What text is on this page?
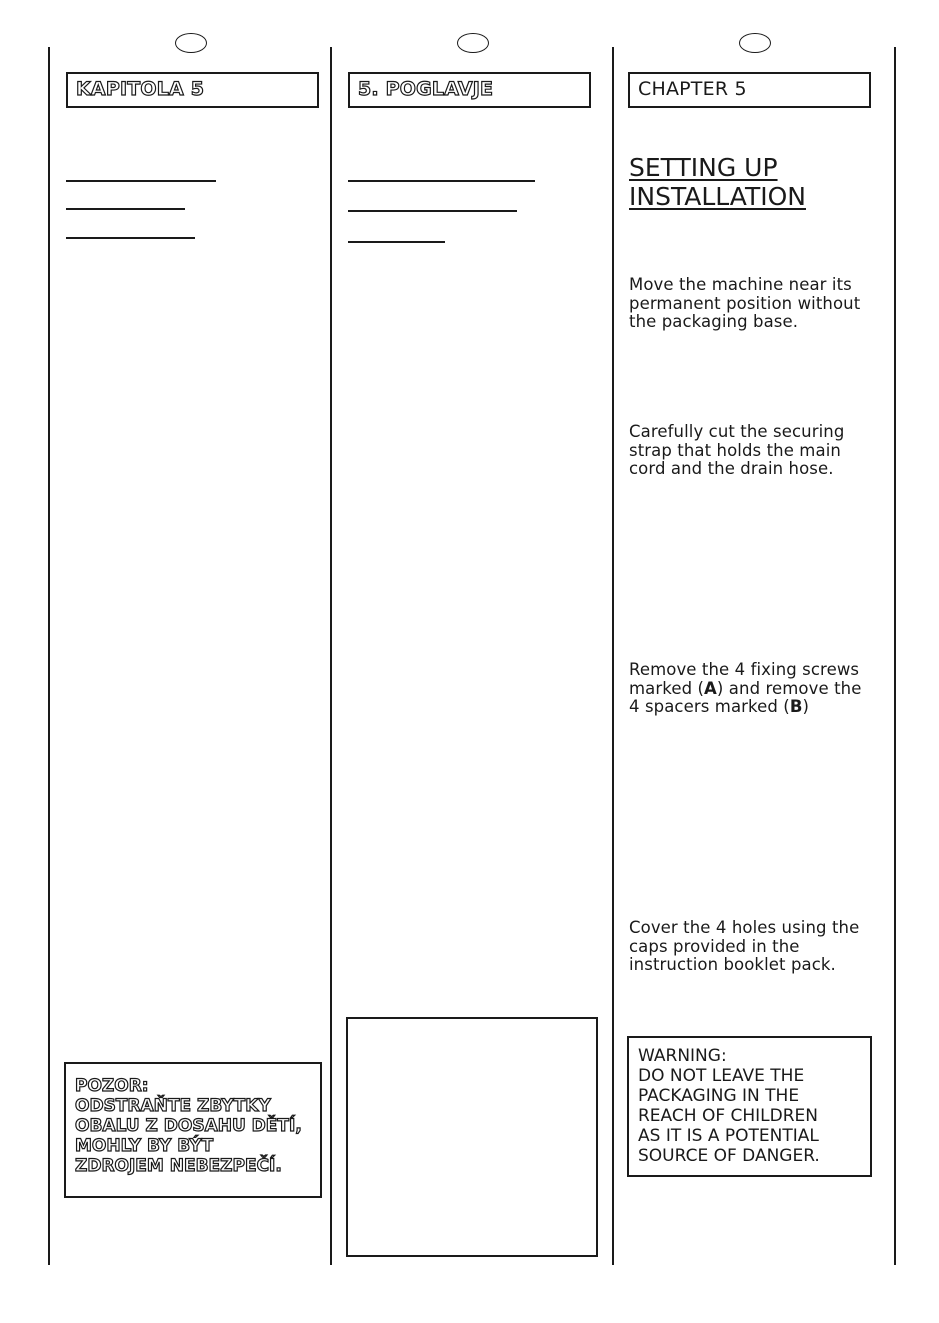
KAPITOLA 5	5. POGLAVJE	CHAPTER 5
SETTING UP
INSTALLATION
Move the machine near its permanent position without the packaging base.
Carefully cut the securing strap that holds the main cord and the drain hose.
Remove the 4 fixing screws marked (A) and remove the 4 spacers marked (B)
Cover the 4 holes using the caps provided in the instruction booklet pack.
POZOR:
ODSTRAŇTE ZBYTKY
OBALU Z DOSAHU DĚTÍ,
MOHLY BY BÝT
ZDROJEM NEBEZPEČÍ.
WARNING:
DO NOT LEAVE THE
PACKAGING IN THE
REACH OF CHILDREN
AS IT IS A POTENTIAL
SOURCE OF DANGER.
